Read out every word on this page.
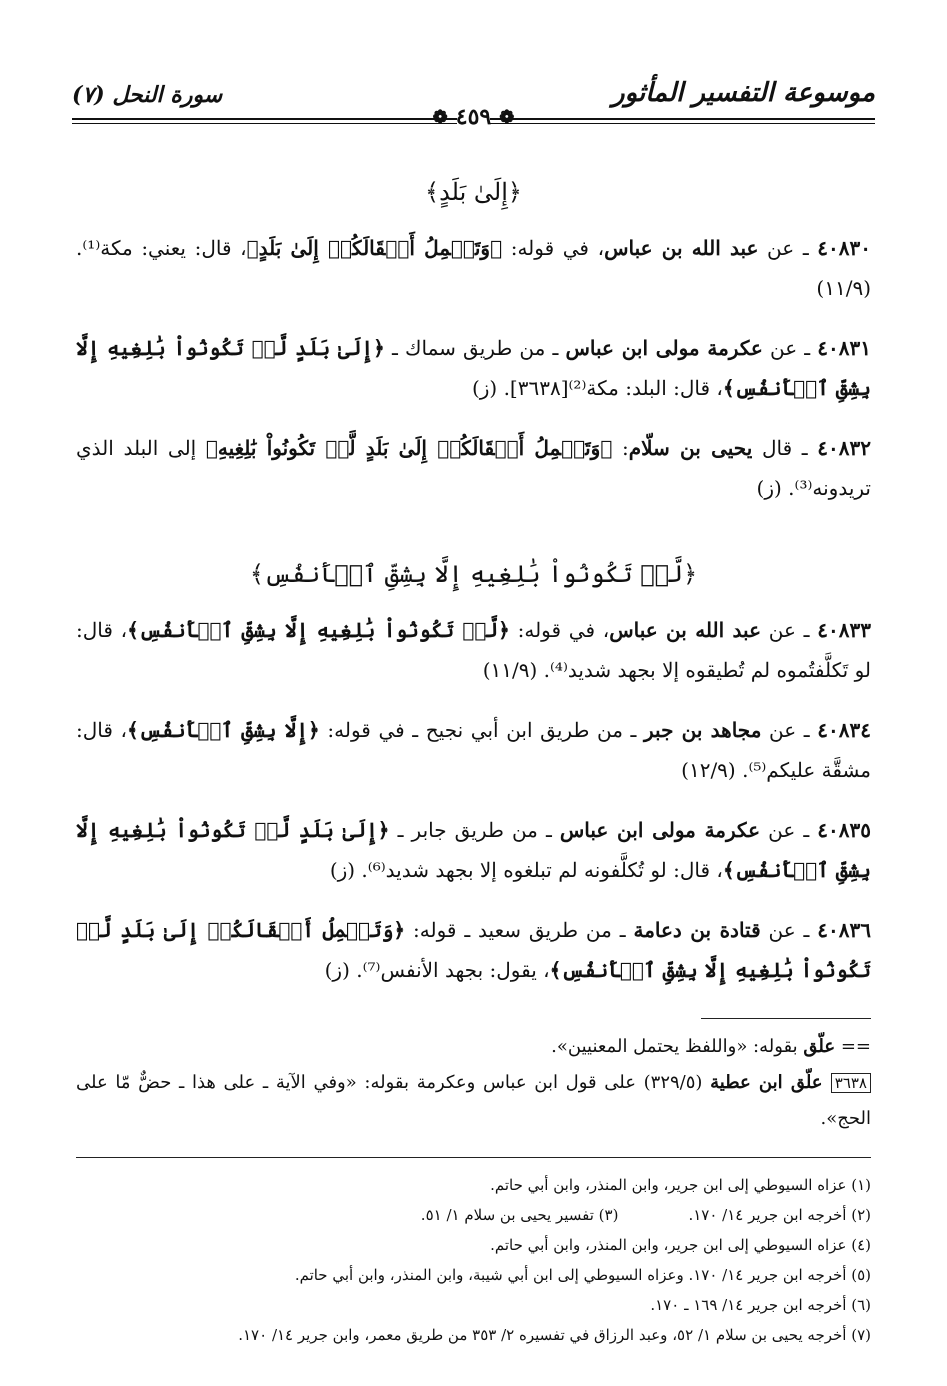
موسوعة التفسير المأثور
سورة النحل (٧)
❁
٤٥٩
❁
﴿إِلَىٰ بَلَدٍ﴾

٤٠٨٣٠ ـ عن عبد الله بن عباس، في قوله: ﴿وَتَحۡمِلُ أَثۡقَالَكُمۡ إِلَىٰ بَلَدٍ﴾، قال: يعني: مكة⁽¹⁾. (١١/٩)

٤٠٨٣١ ـ عن عكرمة مولى ابن عباس ـ من طريق سماك ـ ﴿إِلَىٰ بَلَدٍ لَّمۡ تَكُونُواْ بَٰلِغِيهِ إِلَّا بِشِقِّ ٱلۡأَنفُسِ﴾، قال: البلد: مكة⁽²⁾[٣٦٣٨]. (ز)

٤٠٨٣٢ ـ قال يحيى بن سلّام: ﴿وَتَحۡمِلُ أَثۡقَالَكُمۡ إِلَىٰ بَلَدٍ لَّمۡ تَكُونُواْ بَٰلِغِيهِ﴾ إلى البلد الذي تريدونه⁽³⁾. (ز)

﴿لَّمۡ تَكُونُواْ بَٰلِغِيهِ إِلَّا بِشِقِّ ٱلۡأَنفُسِ﴾

٤٠٨٣٣ ـ عن عبد الله بن عباس، في قوله: ﴿لَّمۡ تَكُونُواْ بَٰلِغِيهِ إِلَّا بِشِقِّ ٱلۡأَنفُسِ﴾، قال: لو تَكلَّفتُموه لم تُطيقوه إلا بجهد شديد⁽⁴⁾. (١١/٩)

٤٠٨٣٤ ـ عن مجاهد بن جبر ـ من طريق ابن أبي نجيح ـ في قوله: ﴿إِلَّا بِشِقِّ ٱلۡأَنفُسِ﴾، قال: مشقَّة عليكم⁽⁵⁾. (١٢/٩)

٤٠٨٣٥ ـ عن عكرمة مولى ابن عباس ـ من طريق جابر ـ ﴿إِلَىٰ بَلَدٍ لَّمۡ تَكُونُواْ بَٰلِغِيهِ إِلَّا بِشِقِّ ٱلۡأَنفُسِ﴾، قال: لو تُكلَّفونه لم تبلغوه إلا بجهد شديد⁽⁶⁾. (ز)

٤٠٨٣٦ ـ عن قتادة بن دعامة ـ من طريق سعيد ـ قوله: ﴿وَتَحۡمِلُ أَثۡقَالَكُمۡ إِلَىٰ بَلَدٍ لَّمۡ تَكُونُواْ بَٰلِغِيهِ إِلَّا بِشِقِّ ٱلۡأَنفُسِ﴾، يقول: بجهد الأنفس⁽⁷⁾. (ز)

== علّق بقوله: «واللفظ يحتمل المعنيين».
٣٦٣٨ علّق ابن عطية (٣٢٩/٥) على قول ابن عباس وعكرمة بقوله: «وفي الآية ـ على هذا ـ حضٌّ مّا على الحج».
(١) عزاه السيوطي إلى ابن جرير، وابن المنذر، وابن أبي حاتم.
(٢) أخرجه ابن جرير ١٤/ ١٧٠.
(٣) تفسير يحيى بن سلام ١/ ٥١.
(٤) عزاه السيوطي إلى ابن جرير، وابن المنذر، وابن أبي حاتم.
(٥) أخرجه ابن جرير ١٤/ ١٧٠. وعزاه السيوطي إلى ابن أبي شيبة، وابن المنذر، وابن أبي حاتم.
(٦) أخرجه ابن جرير ١٤/ ١٦٩ ـ ١٧٠.
(٧) أخرجه يحيى بن سلام ١/ ٥٢، وعبد الرزاق في تفسيره ٢/ ٣٥٣ من طريق معمر، وابن جرير ١٤/ ١٧٠.
